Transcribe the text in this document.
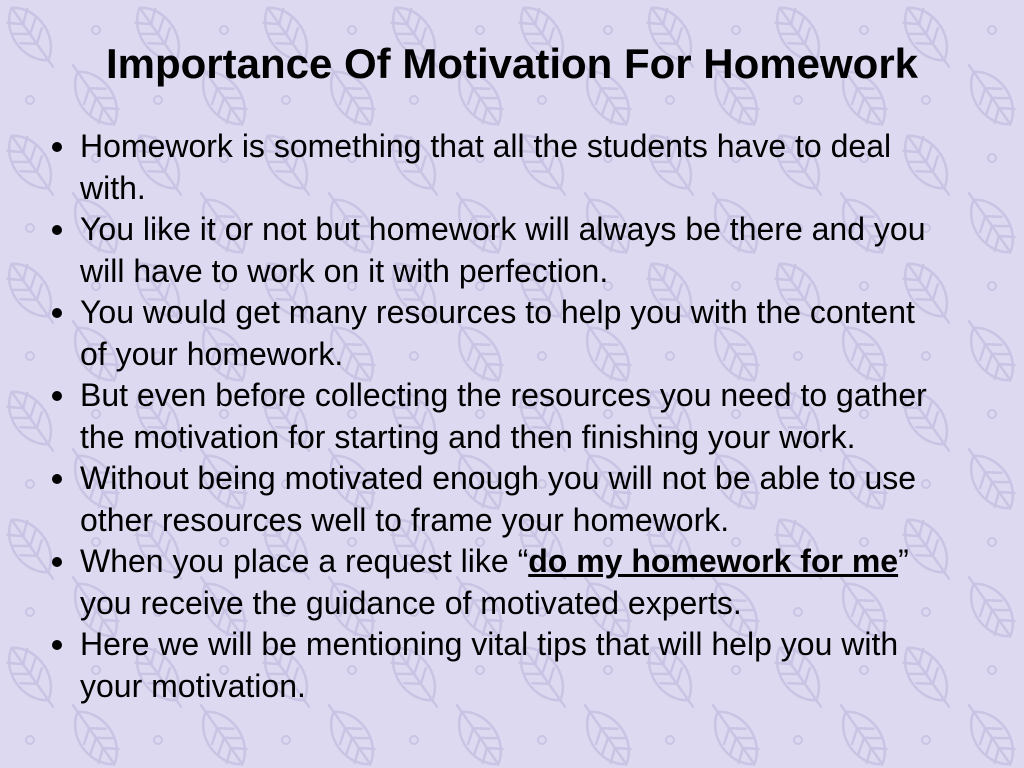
Importance Of Motivation For Homework
Homework is something that all the students have to deal with.
You like it or not but homework will always be there and you will have to work on it with perfection.
You would get many resources to help you with the content of your homework.
But even before collecting the resources you need to gather the motivation for starting and then finishing your work.
Without being motivated enough you will not be able to use other resources well to frame your homework.
When you place a request like “do my homework for me” you receive the guidance of motivated experts.
Here we will be mentioning vital tips that will help you with your motivation.
